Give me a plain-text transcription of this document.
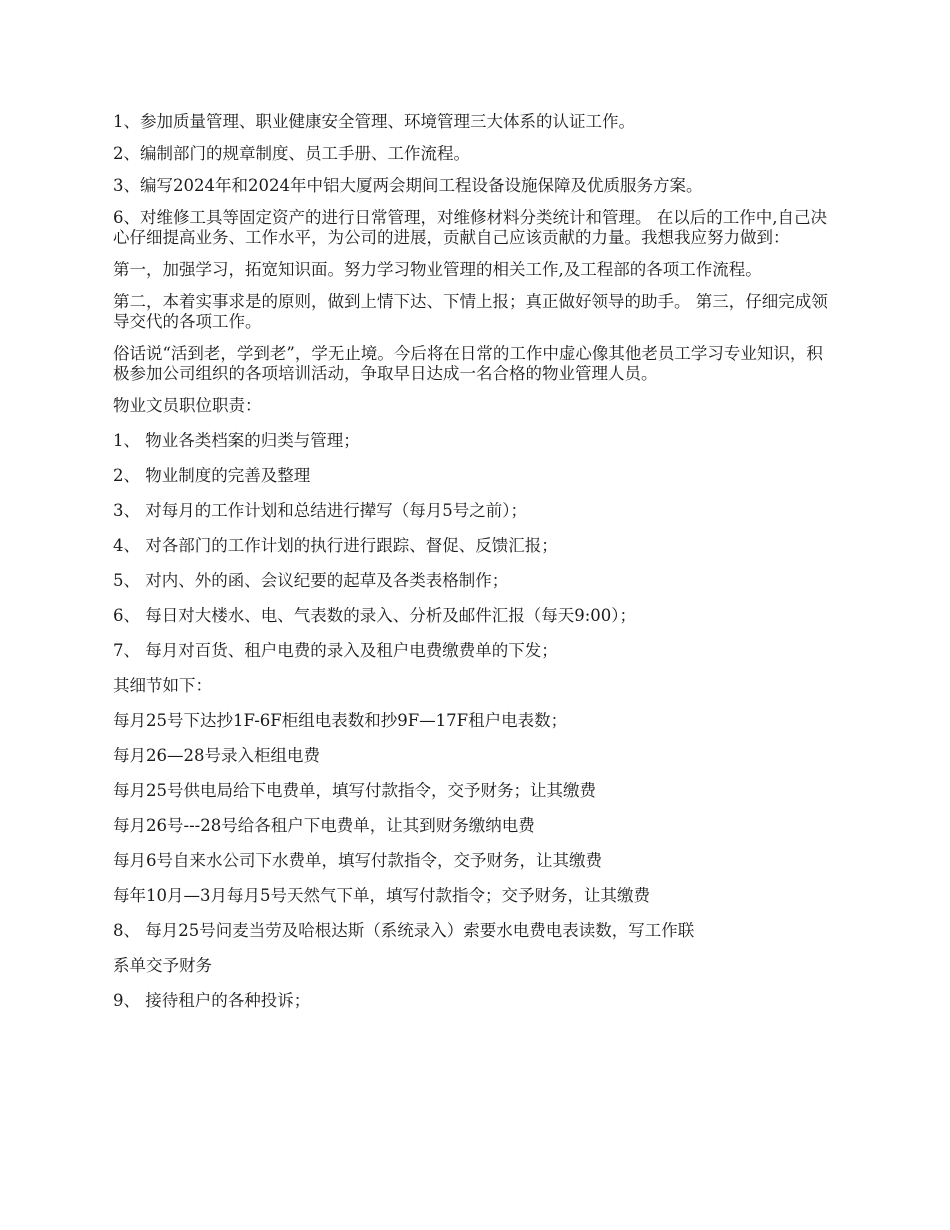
1、参加质量管理、职业健康安全管理、环境管理三大体系的认证工作。

2、编制部门的规章制度、员工手册、工作流程。

3、编写2024年和2024年中铝大厦两会期间工程设备设施保障及优质服务方案。

6、对维修工具等固定资产的进行日常管理，对维修材料分类统计和管理。 在以后的工作中,自己决心仔细提高业务、工作水平，为公司的进展，贡献自己应该贡献的力量。我想我应努力做到：

第一，加强学习，拓宽知识面。努力学习物业管理的相关工作,及工程部的各项工作流程。

第二，本着实事求是的原则，做到上情下达、下情上报；真正做好领导的助手。 第三，仔细完成领导交代的各项工作。

俗话说“活到老，学到老”，学无止境。今后将在日常的工作中虚心像其他老员工学习专业知识，积极参加公司组织的各项培训活动，争取早日达成一名合格的物业管理人员。

物业文员职位职责：

1、 物业各类档案的归类与管理；

2、 物业制度的完善及整理

3、 对每月的工作计划和总结进行撵写（每月5号之前）；

4、 对各部门的工作计划的执行进行跟踪、督促、反馈汇报；

5、 对内、外的函、会议纪要的起草及各类表格制作；

6、 每日对大楼水、电、气表数的录入、分析及邮件汇报（每天9:00）；

7、 每月对百货、租户电费的录入及租户电费缴费单的下发；

其细节如下：

每月25号下达抄1F-6F柜组电表数和抄9F—17F租户电表数；

每月26—28号录入柜组电费

每月25号供电局给下电费单，填写付款指令，交予财务；让其缴费

每月26号---28号给各租户下电费单，让其到财务缴纳电费

每月6号自来水公司下水费单，填写付款指令，交予财务，让其缴费

每年10月—3月每月5号天然气下单，填写付款指令；交予财务，让其缴费

8、 每月25号问麦当劳及哈根达斯（系统录入）索要水电费电表读数，写工作联

系单交予财务

9、 接待租户的各种投诉；
